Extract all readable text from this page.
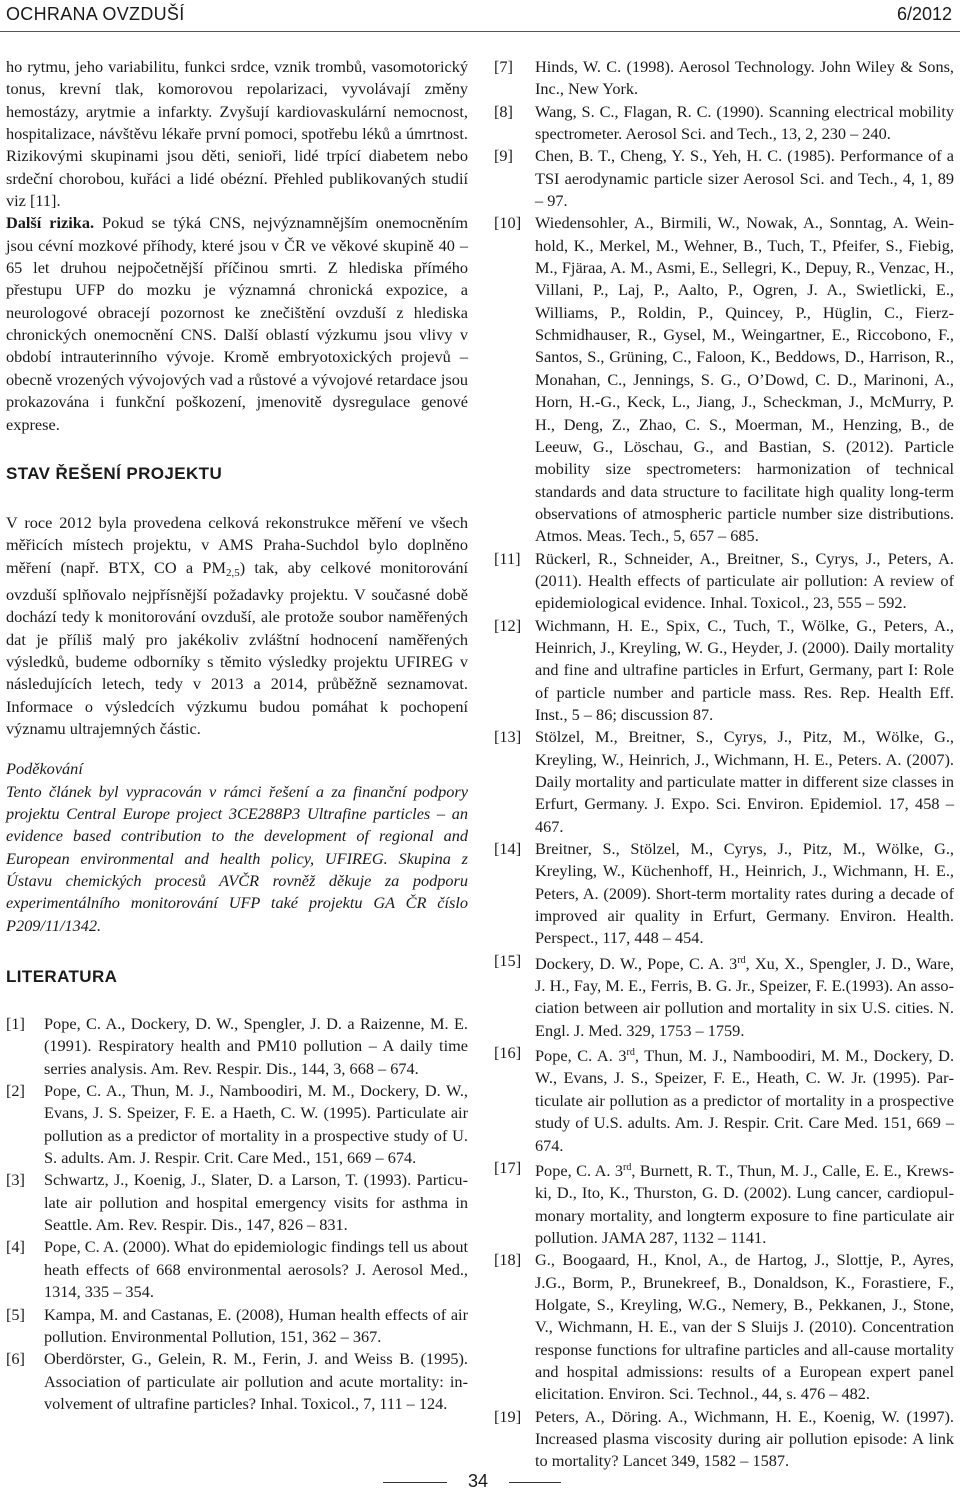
OCHRANA OVZDUŠÍ	6/2012

ho rytmu, jeho variabilitu, funkci srdce, vznik trombů, vasomotorický tonus, krevní tlak, komorovou repolarizaci, vyvolávají změny hemostázy, arytmie a infarkty. Zvyšují kardiovaskulární nemocnost, hospitalizace, návštěvu lékaře první pomoci, spotřebu léků a úmrtnost. Rizikovými skupinami jsou děti, senioři, lidé trpící diabetem nebo srdeční chorobou, kuřáci a lidé obézní. Přehled publikovaných studií viz [11].

Další rizika. Pokud se týká CNS, nejvýznamnějším onemocněním jsou cévní mozkové příhody, které jsou v ČR ve věkové skupině 40 – 65 let druhou nejpočetnější příčinou smrti. Z hlediska přímého přestupu UFP do mozku je významná chronická expozice, a neurologové obracejí pozornost ke znečištění ovzduší z hlediska chronických onemocnění CNS. Další oblastí výzkumu jsou vlivy v období intrauterinního vývoje. Kromě embryotoxických projevů – obecně vrozených vývojových vad a růstové a vývojové retardace jsou prokazována i funkční poškození, jmenovitě dysregulace genové exprese.

STAV ŘEŠENÍ PROJEKTU

V roce 2012 byla provedena celková rekonstrukce měření ve všech měřicích místech projektu, v AMS Praha-Suchdol bylo doplněno měření (např. BTX, CO a $PM_{2,5}$) tak, aby celkové monitorování ovzduší splňovalo nejpřísnější požadavky projektu. V současné době dochází tedy k monitorování ovzduší, ale protože soubor naměřených dat je příliš malý pro jakékoliv zvláštní hodnocení naměřených výsledků, budeme odborníky s těmito výsledky projektu UFIREG v následujících letech, tedy v 2013 a 2014, průběžně seznamovat. Informace o výsledcích výzkumu budou pomáhat k pochopení významu ultrajemných částic.

Poděkování

Tento článek byl vypracován v rámci řešení a za finanční podpory projektu Central Europe project 3CE288P3 Ultrafine particles – an evidence based contribution to the development of regional and European environmental and health policy, UFIREG. Skupina z Ústavu chemických procesů AVČR rovněž děkuje za podporu experimentálního monitorování UFP také projektu GA ČR číslo P209/11/1342.

LITERATURA

[1] Pope, C. A., Dockery, D. W., Spengler, J. D. a Raizenne, M. E. (1991). Respiratory health and PM10 pollution – A daily time serries analysis. Am. Rev. Respir. Dis., 144, 3, 668 – 674.

[2] Pope, C. A., Thun, M. J., Namboodiri, M. M., Dockery, D. W., Evans, J. S. Speizer, F. E. a Haeth, C. W. (1995). Particulate air pollution as a predictor of mortality in a prospective study of U. S. adults. Am. J. Respir. Crit. Care Med., 151, 669 – 674.

[3] Schwartz, J., Koenig, J., Slater, D. a Larson, T. (1993). Particulate air pollution and hospital emergency visits for asthma in Seattle. Am. Rev. Respir. Dis., 147, 826 – 831.

[4] Pope, C. A. (2000). What do epidemiologic findings tell us about heath effects of 668 environmental aerosols? J. Aerosol Med., 1314, 335 – 354.

[5] Kampa, M. and Castanas, E. (2008), Human health effects of air pollution. Environmental Pollution, 151, 362 – 367.

[6] Oberdörster, G., Gelein, R. M., Ferin, J. and Weiss B. (1995). Association of particulate air pollution and acute mortality: involvement of ultrafine particles? Inhal. Toxicol., 7, 111 – 124.

[7] Hinds, W. C. (1998). Aerosol Technology. John Wiley & Sons, Inc., New York.

[8] Wang, S. C., Flagan, R. C. (1990). Scanning electrical mobility spectrometer. Aerosol Sci. and Tech., 13, 2, 230 – 240.

[9] Chen, B. T., Cheng, Y. S., Yeh, H. C. (1985). Performance of a TSI aerodynamic particle sizer Aerosol Sci. and Tech., 4, 1, 89 – 97.

[10] Wiedensohler, A., Birmili, W., Nowak, A., Sonntag, A. Weinhold, K., Merkel, M., Wehner, B., Tuch, T., Pfeifer, S., Fiebig, M., Fjäraa, A. M., Asmi, E., Sellegri, K., Depuy, R., Venzac, H., Villani, P., Laj, P., Aalto, P., Ogren, J. A., Swietlicki, E., Williams, P., Roldin, P., Quincey, P., Hüglin, C., Fierz- Schmidhauser, R., Gysel, M., Weingartner, E., Riccobono, F., Santos, S., Grüning, C., Faloon, K., Beddows, D., Harrison, R., Monahan, C., Jennings, S. G., O’Dowd, C. D., Marinoni, A., Horn, H.-G., Keck, L., Jiang, J., Scheckman, J., McMurry, P. H., Deng, Z., Zhao, C. S., Moerman, M., Henzing, B., de Leeuw, G., Löschau, G., and Bastian, S. (2012). Particle mobility size spectrometers: harmonization of technical standards and data structure to facilitate high quality long-term observations of atmospheric particle number size distributions. Atmos. Meas. Tech., 5, 657 – 685.

[11] Rückerl, R., Schneider, A., Breitner, S., Cyrys, J., Peters, A. (2011). Health effects of particulate air pollution: A review of epidemiological evidence. Inhal. Toxicol., 23, 555 – 592.

[12] Wichmann, H. E., Spix, C., Tuch, T., Wölke, G., Peters, A., Heinrich, J., Kreyling, W. G., Heyder, J. (2000). Daily mortality and fine and ultrafine particles in Erfurt, Germany, part I: Role of particle number and particle mass. Res. Rep. Health Eff. Inst., 5 – 86; discussion 87.

[13] Stölzel, M., Breitner, S., Cyrys, J., Pitz, M., Wölke, G., Kreyling, W., Heinrich, J., Wichmann, H. E., Peters. A. (2007). Daily mortality and particulate matter in different size classes in Erfurt, Germany. J. Expo. Sci. Environ. Epidemiol. 17, 458 – 467.

[14] Breitner, S., Stölzel, M., Cyrys, J., Pitz, M., Wölke, G., Kreyling, W., Küchenhoff, H., Heinrich, J., Wichmann, H. E., Peters, A. (2009). Short-term mortality rates during a decade of improved air quality in Erfurt, Germany. Environ. Health. Perspect., 117, 448 – 454.

[15] Dockery, D. W., Pope, C. A. 3rd, Xu, X., Spengler, J. D., Ware, J. H., Fay, M. E., Ferris, B. G. Jr., Speizer, F. E.(1993). An association between air pollution and mortality in six U.S. cities. N. Engl. J. Med. 329, 1753 – 1759.

[16] Pope, C. A. 3rd, Thun, M. J., Namboodiri, M. M., Dockery, D. W., Evans, J. S., Speizer, F. E., Heath, C. W. Jr. (1995). Particulate air pollution as a predictor of mortality in a prospective study of U.S. adults. Am. J. Respir. Crit. Care Med. 151, 669 – 674.

[17] Pope, C. A. 3rd, Burnett, R. T., Thun, M. J., Calle, E. E., Krewski, D., Ito, K., Thurston, G. D. (2002). Lung cancer, cardiopulmonary mortality, and longterm exposure to fine particulate air pollution. JAMA 287, 1132 – 1141.

[18] G., Boogaard, H., Knol, A., de Hartog, J., Slottje, P., Ayres, J.G., Borm, P., Brunekreef, B., Donaldson, K., Forastiere, F., Holgate, S., Kreyling, W.G., Nemery, B., Pekkanen, J., Stone, V., Wichmann, H. E., van der S Sluijs J. (2010). Concentration response functions for ultrafine particles and all-cause mortality and hospital admissions: results of a European expert panel elicitation. Environ. Sci. Technol., 44, s. 476 – 482.

[19] Peters, A., Döring. A., Wichmann, H. E., Koenig, W. (1997). Increased plasma viscosity during air pollution episode: A link to mortality? Lancet 349, 1582 – 1587.

34
